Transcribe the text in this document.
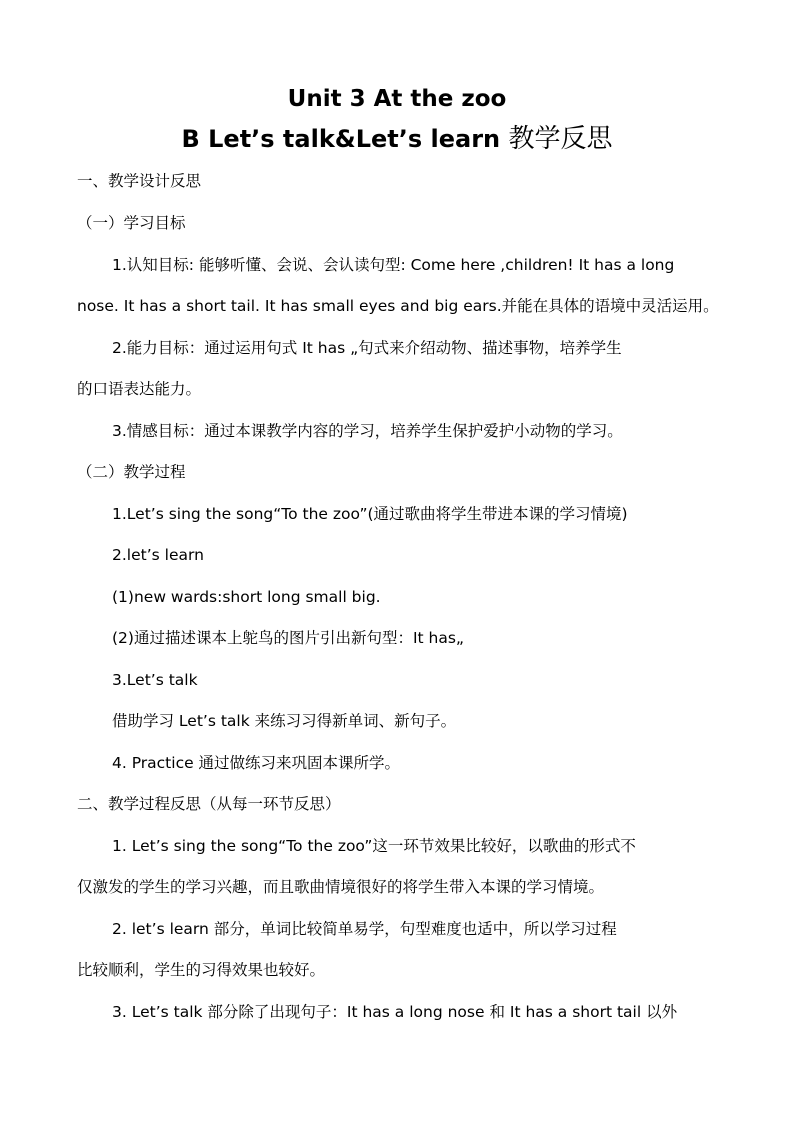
Unit 3 At the zoo
B Let’s talk&Let’s learn 教学反思
一、教学设计反思
（一）学习目标
1.认知目标: 能够听懂、会说、会认读句型: Come here ,children! It has a long
nose. It has a short tail. It has small eyes and big ears.并能在具体的语境中灵活运用。
2.能力目标：通过运用句式 It has „句式来介绍动物、描述事物，培养学生
的口语表达能力。
3.情感目标：通过本课教学内容的学习，培养学生保护爱护小动物的学习。
（二）教学过程
1.Let’s sing the song“To the zoo”(通过歌曲将学生带进本课的学习情境)
2.let’s learn
(1)new wards:short long small big.
(2)通过描述课本上鸵鸟的图片引出新句型：It has„
3.Let’s talk
借助学习 Let’s talk 来练习习得新单词、新句子。
4. Practice 通过做练习来巩固本课所学。
二、教学过程反思（从每一环节反思）
1. Let’s sing the song“To the zoo”这一环节效果比较好，以歌曲的形式不
仅激发的学生的学习兴趣，而且歌曲情境很好的将学生带入本课的学习情境。
2. let’s learn 部分，单词比较简单易学，句型难度也适中，所以学习过程
比较顺利，学生的习得效果也较好。
3. Let’s talk 部分除了出现句子：It has a long nose 和 It has a short tail 以外
